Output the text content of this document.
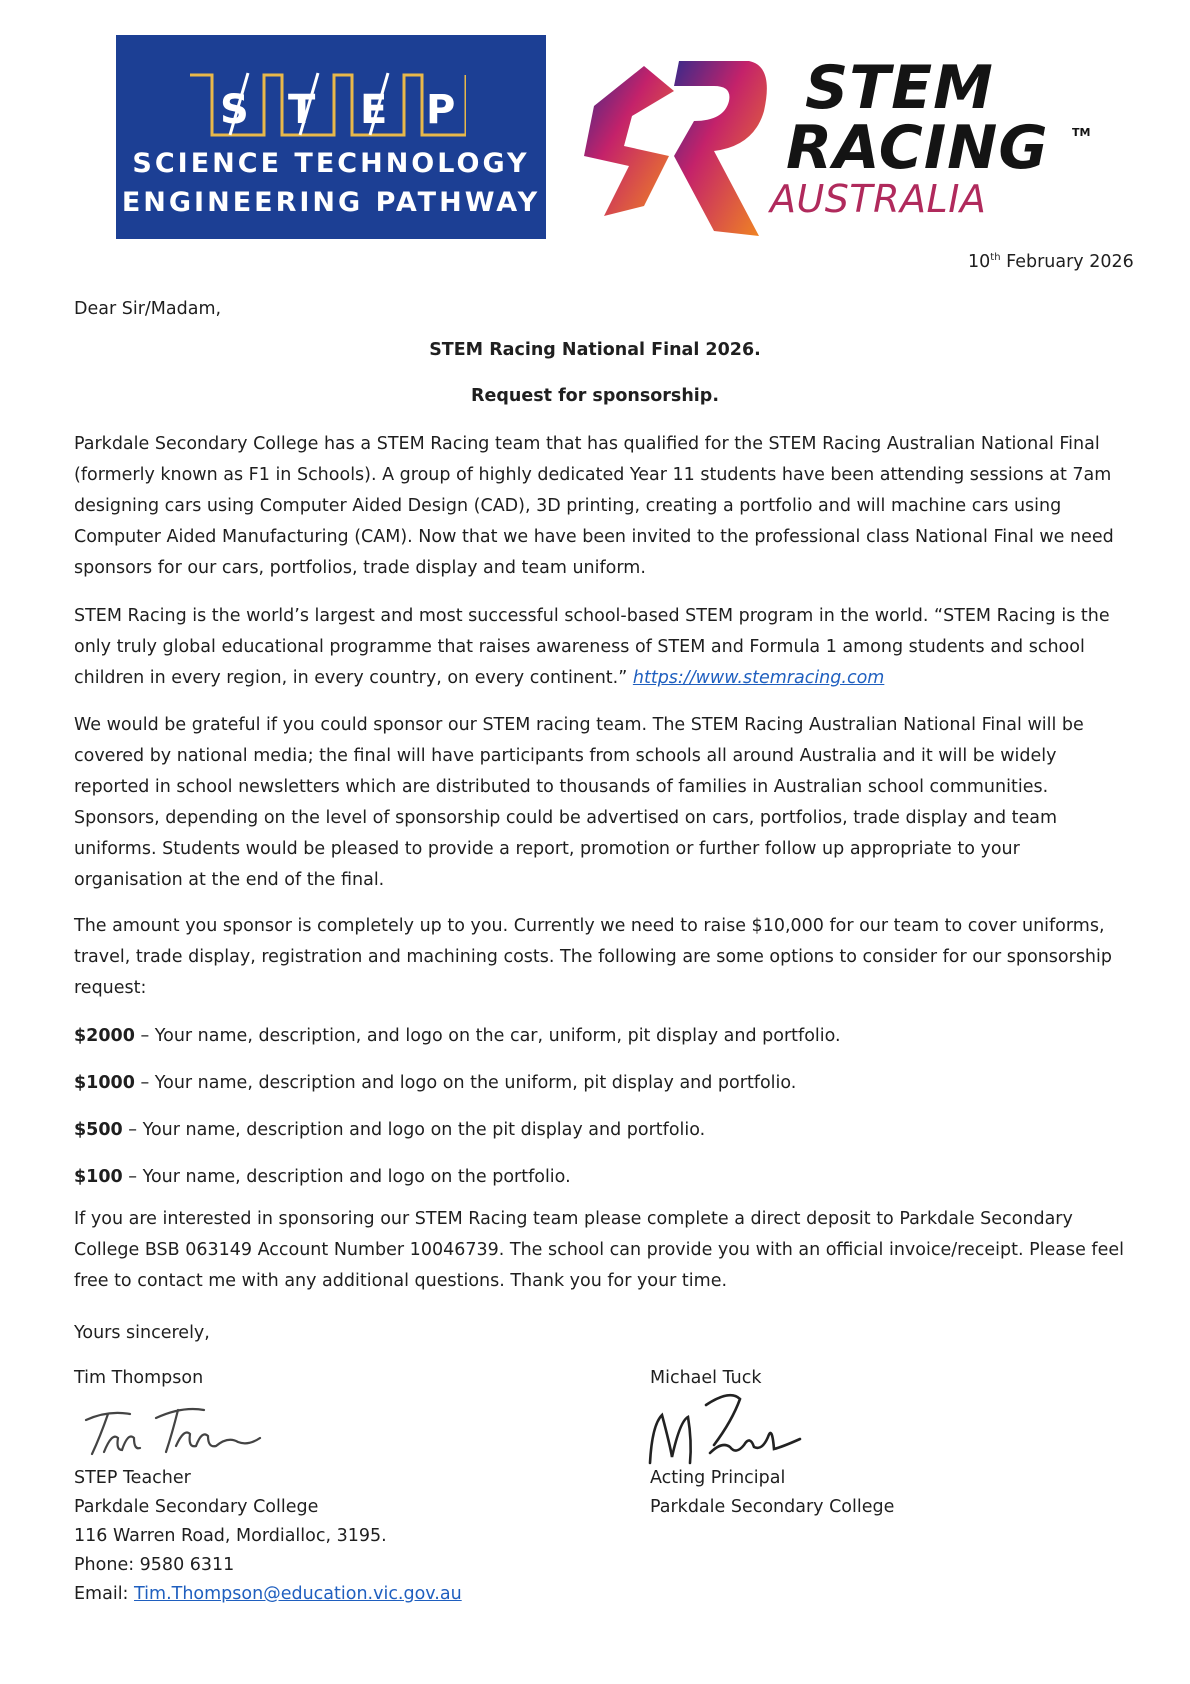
S T E P
SCIENCE TECHNOLOGY
ENGINEERING PATHWAY
STEM
RACING TM
AUSTRALIA
10th February 2026
Dear Sir/Madam,
STEM Racing National Final 2026.
Request for sponsorship.

Parkdale Secondary College has a STEM Racing team that has qualified for the STEM Racing Australian National Final (formerly known as F1 in Schools). A group of highly dedicated Year 11 students have been attending sessions at 7am designing cars using Computer Aided Design (CAD), 3D printing, creating a portfolio and will machine cars using Computer Aided Manufacturing (CAM). Now that we have been invited to the professional class National Final we need sponsors for our cars, portfolios, trade display and team uniform.

STEM Racing is the world’s largest and most successful school-based STEM program in the world. “STEM Racing is the only truly global educational programme that raises awareness of STEM and Formula 1 among students and school children in every region, in every country, on every continent.” https://www.stemracing.com

We would be grateful if you could sponsor our STEM racing team. The STEM Racing Australian National Final will be covered by national media; the final will have participants from schools all around Australia and it will be widely reported in school newsletters which are distributed to thousands of families in Australian school communities. Sponsors, depending on the level of sponsorship could be advertised on cars, portfolios, trade display and team uniforms. Students would be pleased to provide a report, promotion or further follow up appropriate to your organisation at the end of the final.

The amount you sponsor is completely up to you. Currently we need to raise $10,000 for our team to cover uniforms, travel, trade display, registration and machining costs. The following are some options to consider for our sponsorship request:

$2000 – Your name, description, and logo on the car, uniform, pit display and portfolio.
$1000 – Your name, description and logo on the uniform, pit display and portfolio.
$500 – Your name, description and logo on the pit display and portfolio.
$100 – Your name, description and logo on the portfolio.

If you are interested in sponsoring our STEM Racing team please complete a direct deposit to Parkdale Secondary College BSB 063149 Account Number 10046739. The school can provide you with an official invoice/receipt. Please feel free to contact me with any additional questions. Thank you for your time.

Yours sincerely,
Tim Thompson
STEP Teacher
Parkdale Secondary College
116 Warren Road, Mordialloc, 3195.
Phone: 9580 6311
Email: Tim.Thompson@education.vic.gov.au
Michael Tuck
Acting Principal
Parkdale Secondary College
